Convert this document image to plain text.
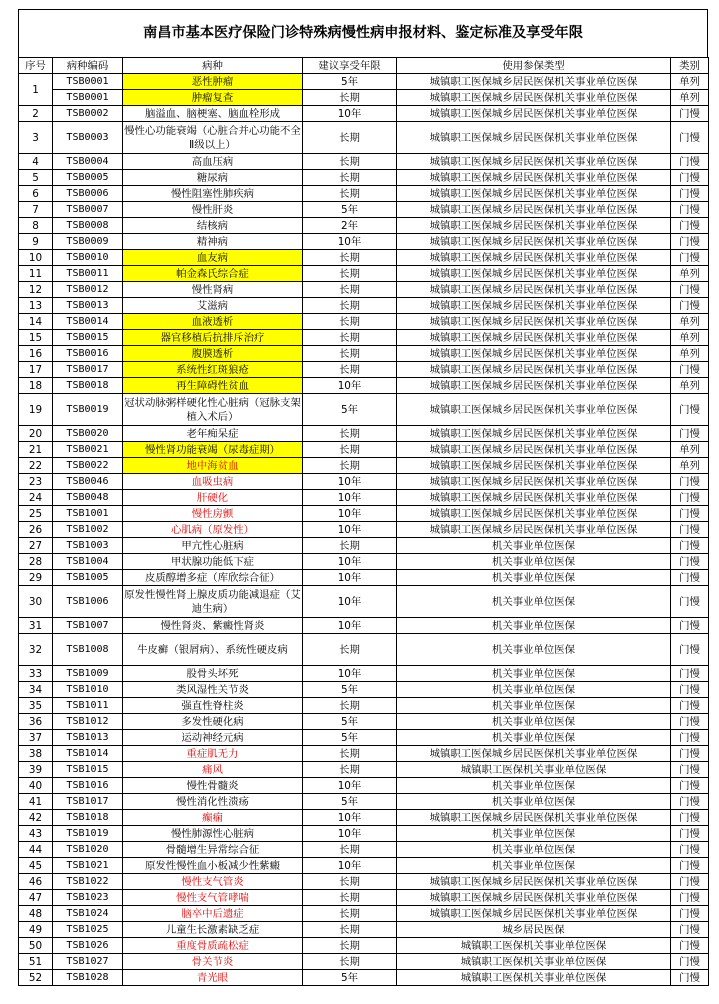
南昌市基本医疗保险门诊特殊病慢性病申报材料、鉴定标准及享受年限
序号	病种编码	病种	建议享受年限	使用参保类型	类别
1	TSB0001	恶性肿瘤	5年	城镇职工医保城乡居民医保机关事业单位医保	单列
	TSB0001	肿瘤复查	长期	城镇职工医保城乡居民医保机关事业单位医保	单列
2	TSB0002	脑溢血、脑梗塞、脑血栓形成	10年	城镇职工医保城乡居民医保机关事业单位医保	门慢
3	TSB0003	慢性心功能衰竭（心脏合并心功能不全Ⅱ级以上）	长期	城镇职工医保城乡居民医保机关事业单位医保	门慢
4	TSB0004	高血压病	长期	城镇职工医保城乡居民医保机关事业单位医保	门慢
5	TSB0005	糖尿病	长期	城镇职工医保城乡居民医保机关事业单位医保	门慢
6	TSB0006	慢性阻塞性肺疾病	长期	城镇职工医保城乡居民医保机关事业单位医保	门慢
7	TSB0007	慢性肝炎	5年	城镇职工医保城乡居民医保机关事业单位医保	门慢
8	TSB0008	结核病	2年	城镇职工医保城乡居民医保机关事业单位医保	门慢
9	TSB0009	精神病	10年	城镇职工医保城乡居民医保机关事业单位医保	门慢
10	TSB0010	血友病	长期	城镇职工医保城乡居民医保机关事业单位医保	门慢
11	TSB0011	帕金森氏综合症	长期	城镇职工医保城乡居民医保机关事业单位医保	单列
12	TSB0012	慢性肾病	长期	城镇职工医保城乡居民医保机关事业单位医保	门慢
13	TSB0013	艾滋病	长期	城镇职工医保城乡居民医保机关事业单位医保	门慢
14	TSB0014	血液透析	长期	城镇职工医保城乡居民医保机关事业单位医保	单列
15	TSB0015	器官移植后抗排斥治疗	长期	城镇职工医保城乡居民医保机关事业单位医保	单列
16	TSB0016	腹膜透析	长期	城镇职工医保城乡居民医保机关事业单位医保	单列
17	TSB0017	系统性红斑狼疮	长期	城镇职工医保城乡居民医保机关事业单位医保	门慢
18	TSB0018	再生障碍性贫血	10年	城镇职工医保城乡居民医保机关事业单位医保	单列
19	TSB0019	冠状动脉粥样硬化性心脏病（冠脉支架植入术后）	5年	城镇职工医保城乡居民医保机关事业单位医保	门慢
20	TSB0020	老年痴呆症	长期	城镇职工医保城乡居民医保机关事业单位医保	门慢
21	TSB0021	慢性肾功能衰竭（尿毒症期）	长期	城镇职工医保城乡居民医保机关事业单位医保	单列
22	TSB0022	地中海贫血	长期	城镇职工医保城乡居民医保机关事业单位医保	单列
23	TSB0046	血吸虫病	10年	城镇职工医保城乡居民医保机关事业单位医保	门慢
24	TSB0048	肝硬化	10年	城镇职工医保城乡居民医保机关事业单位医保	门慢
25	TSB1001	慢性房颤	10年	城镇职工医保城乡居民医保机关事业单位医保	门慢
26	TSB1002	心肌病（原发性）	10年	城镇职工医保城乡居民医保机关事业单位医保	门慢
27	TSB1003	甲亢性心脏病	长期	机关事业单位医保	门慢
28	TSB1004	甲状腺功能低下症	10年	机关事业单位医保	门慢
29	TSB1005	皮质醇增多症（库欣综合征）	10年	机关事业单位医保	门慢
30	TSB1006	原发性慢性肾上腺皮质功能减退症（艾迪生病）	10年	机关事业单位医保	门慢
31	TSB1007	慢性肾炎、紫癜性肾炎	10年	机关事业单位医保	门慢
32	TSB1008	牛皮癣（银屑病）、系统性硬皮病	长期	机关事业单位医保	门慢
33	TSB1009	股骨头坏死	10年	机关事业单位医保	门慢
34	TSB1010	类风湿性关节炎	5年	机关事业单位医保	门慢
35	TSB1011	强直性脊柱炎	长期	机关事业单位医保	门慢
36	TSB1012	多发性硬化病	5年	机关事业单位医保	门慢
37	TSB1013	运动神经元病	5年	机关事业单位医保	门慢
38	TSB1014	重症肌无力	长期	城镇职工医保城乡居民医保机关事业单位医保	门慢
39	TSB1015	痛风	长期	城镇职工医保机关事业单位医保	门慢
40	TSB1016	慢性骨髓炎	10年	机关事业单位医保	门慢
41	TSB1017	慢性消化性溃疡	5年	机关事业单位医保	门慢
42	TSB1018	癫痫	10年	城镇职工医保城乡居民医保机关事业单位医保	门慢
43	TSB1019	慢性肺源性心脏病	10年	机关事业单位医保	门慢
44	TSB1020	骨髓增生异常综合征	长期	机关事业单位医保	门慢
45	TSB1021	原发性慢性血小板减少性紫癜	10年	机关事业单位医保	门慢
46	TSB1022	慢性支气管炎	长期	城镇职工医保城乡居民医保机关事业单位医保	门慢
47	TSB1023	慢性支气管哮喘	长期	城镇职工医保城乡居民医保机关事业单位医保	门慢
48	TSB1024	脑卒中后遗症	长期	城镇职工医保城乡居民医保机关事业单位医保	门慢
49	TSB1025	儿童生长激素缺乏症	长期	城乡居民医保	门慢
50	TSB1026	重度骨质疏松症	长期	城镇职工医保机关事业单位医保	门慢
51	TSB1027	骨关节炎	长期	城镇职工医保机关事业单位医保	门慢
52	TSB1028	青光眼	5年	城镇职工医保机关事业单位医保	门慢
